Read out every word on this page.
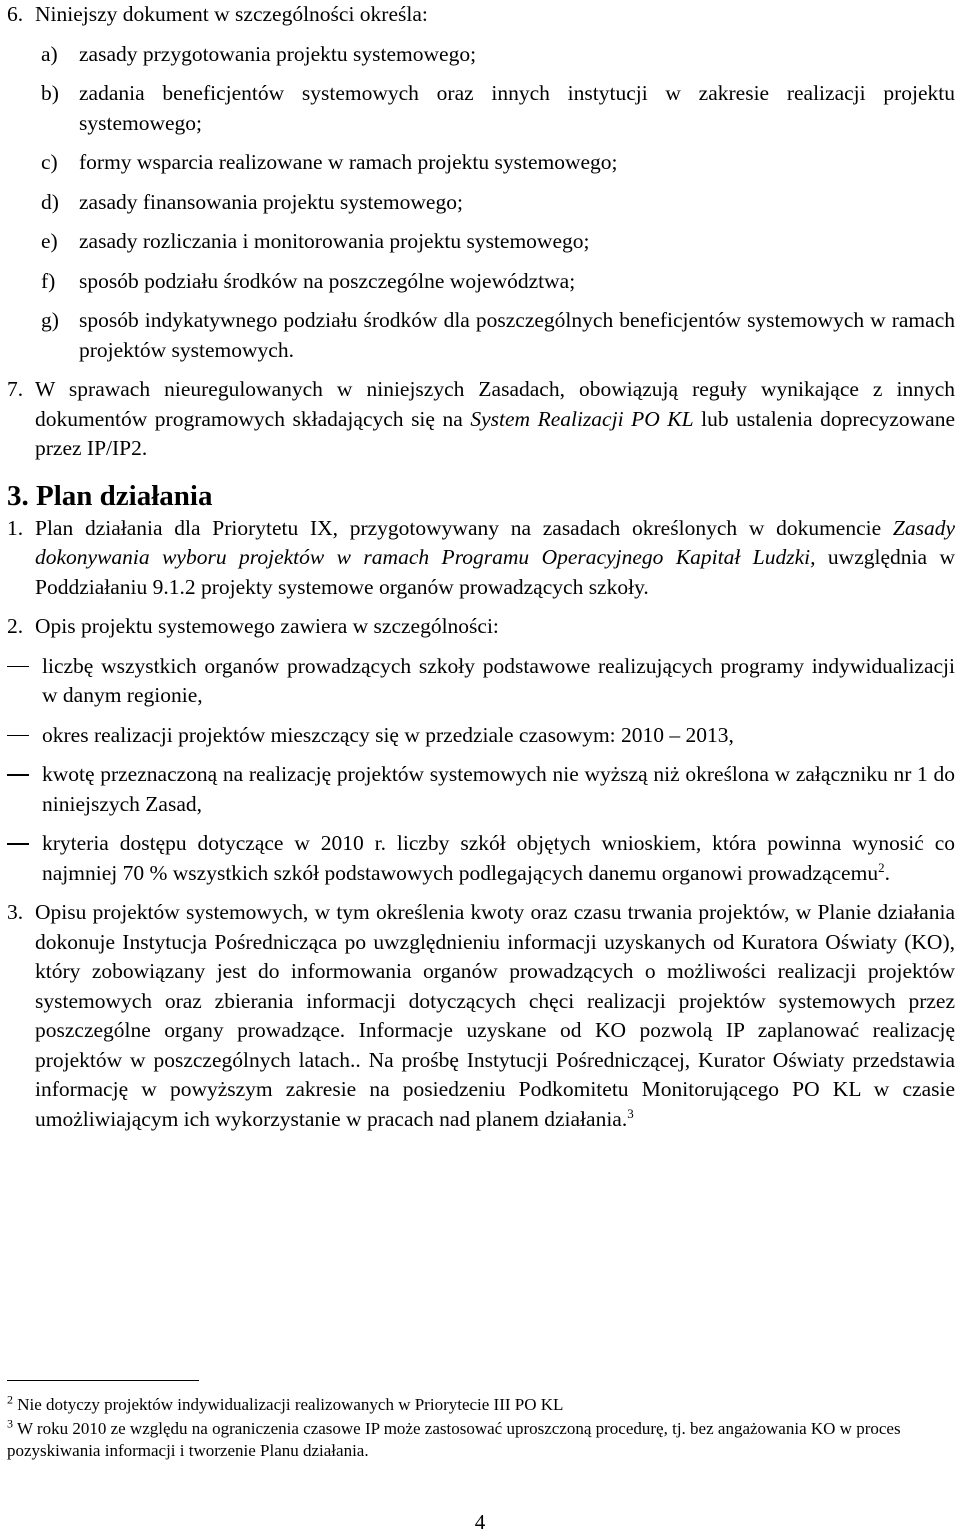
6. Niniejszy dokument w szczególności określa:
a) zasady przygotowania projektu systemowego;
b) zadania beneficjentów systemowych oraz innych instytucji w zakresie realizacji projektu systemowego;
c) formy wsparcia realizowane w ramach projektu systemowego;
d) zasady finansowania projektu systemowego;
e) zasady rozliczania i monitorowania projektu systemowego;
f) sposób podziału środków na poszczególne województwa;
g) sposób indykatywnego podziału środków dla poszczególnych beneficjentów systemowych w ramach projektów systemowych.
7. W sprawach nieuregulowanych w niniejszych Zasadach, obowiązują reguły wynikające z innych dokumentów programowych składających się na System Realizacji PO KL lub ustalenia doprecyzowane przez IP/IP2.
3. Plan działania
1. Plan działania dla Priorytetu IX, przygotowywany na zasadach określonych w dokumencie Zasady dokonywania wyboru projektów w ramach Programu Operacyjnego Kapitał Ludzki, uwzględnia w Poddziałaniu 9.1.2 projekty systemowe organów prowadzących szkoły.
2. Opis projektu systemowego zawiera w szczególności:
liczbę wszystkich organów prowadzących szkoły podstawowe realizujących programy indywidualizacji w danym regionie,
okres realizacji projektów mieszczący się w przedziale czasowym: 2010 – 2013,
kwotę przeznaczoną na realizację projektów systemowych nie wyższą niż określona w załączniku nr 1 do niniejszych Zasad,
kryteria dostępu dotyczące w 2010 r. liczby szkół objętych wnioskiem, która powinna wynosić co najmniej 70 % wszystkich szkół podstawowych podlegających danemu organowi prowadzącemu$^2$.
3. Opisu projektów systemowych, w tym określenia kwoty oraz czasu trwania projektów, w Planie działania dokonuje Instytucja Pośrednicząca po uwzględnieniu informacji uzyskanych od Kuratora Oświaty (KO), który zobowiązany jest do informowania organów prowadzących o możliwości realizacji projektów systemowych oraz zbierania informacji dotyczących chęci realizacji projektów systemowych przez poszczególne organy prowadzące. Informacje uzyskane od KO pozwolą IP zaplanować realizację projektów w poszczególnych latach.. Na prośbę Instytucji Pośredniczącej, Kurator Oświaty przedstawia informację w powyższym zakresie na posiedzeniu Podkomitetu Monitorującego PO KL w czasie umożliwiającym ich wykorzystanie w pracach nad planem działania.$^3$
$^2$ Nie dotyczy projektów indywidualizacji realizowanych w Priorytecie III PO KL
$^3$ W roku 2010 ze względu na ograniczenia czasowe IP może zastosować uproszczoną procedurę, tj. bez angażowania KO w proces pozyskiwania informacji i tworzenie Planu działania.
4
